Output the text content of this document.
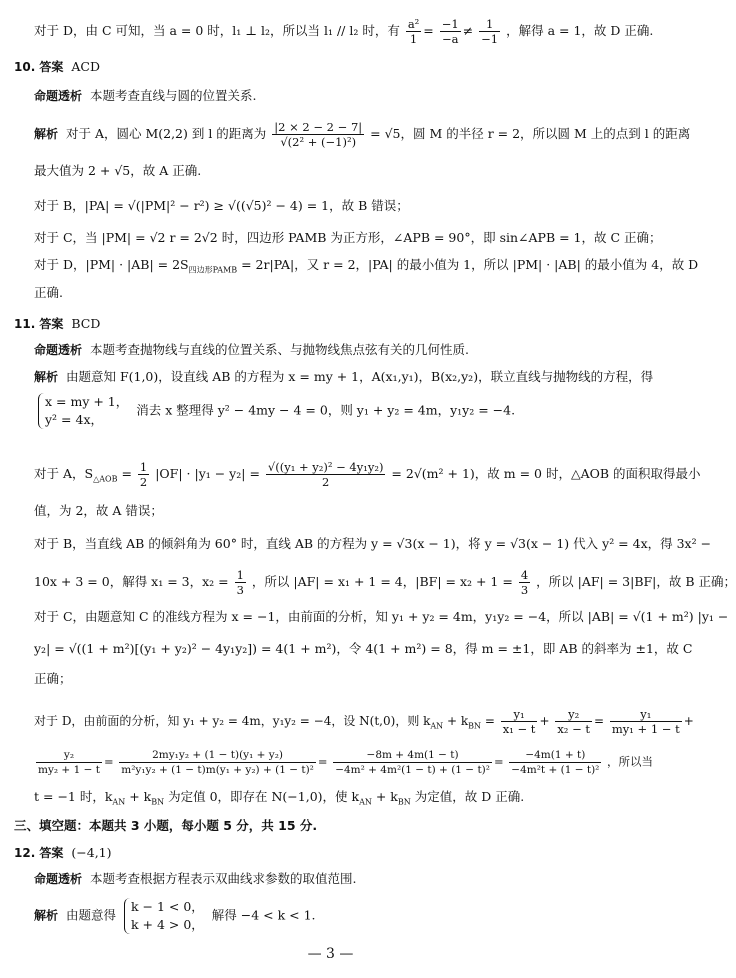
对于 D，由 C 可知，当 a = 0 时，l₁ ⊥ l₂，所以当 l₁ // l₂ 时，有 $\frac{\text{a²}}{1} = \frac{-1}{-a} \ne \frac{1}{-1}$ ，解得 a = 1，故 D 正确.
10. 答案 ACD
命题透析 本题考查直线与圆的位置关系.
解析 对于 A，圆心 M(2,2) 到 l 的距离为 $\frac{|2 \times 2 - 2 - 7|}{\text{√(2² + (−1)²)}} = √5$，圆 M 的半径 r = 2，所以圆 M 上的点到 l 的距离
最大值为 2 + √5，故 A 正确.
对于 B，|PA| = √(|PM|² − r²) ≥ √((√5)² − 4) = 1，故 B 错误；
对于 C，当 |PM| = √2 r = 2√2 时，四边形 PAMB 为正方形，∠APB = 90°，即 sin∠APB = 1，故 C 正确；
对于 D，$|PM| \cdot |AB| = 2S_{四边形PAMB} = 2r|PA|$，又 r = 2，|PA| 的最小值为 1，所以 |PM| · |AB| 的最小值为 4，故 D
正确.
11. 答案 BCD
命题透析 本题考查抛物线与直线的位置关系、与抛物线焦点弦有关的几何性质.
解析 由题意知 F(1,0)，设直线 AB 的方程为 x = my + 1，A(x₁,y₁)，B(x₂,y₂)，联立直线与抛物线的方程，得
x = my + 1，
y² = 4x，
消去 x 整理得 y² − 4my − 4 = 0，则 y₁ + y₂ = 4m，y₁y₂ = −4.
对于 A，$S_{\triangle AOB} = \frac{1}{2} |OF| \cdot |y_1 - y_2| = \frac{\text{√((y₁ + y₂)² − 4y₁y₂)}}{2} = 2√(m^2 + 1)$，故 m = 0 时，△AOB 的面积取得最小
值，为 2，故 A 错误；
对于 B，当直线 AB 的倾斜角为 60° 时，直线 AB 的方程为 y = √3(x − 1)，将 y = √3(x − 1) 代入 y² = 4x，得 3x² −
10x + 3 = 0，解得 x₁ = 3，$x_2 = \frac{1}{3}$ ，所以 |AF| = x₁ + 1 = 4，$|BF| = x_2 + 1 = \frac{4}{3}$ ，所以 |AF| = 3|BF|，故 B 正确；
对于 C，由题意知 C 的准线方程为 x = −1，由前面的分析，知 y₁ + y₂ = 4m，y₁y₂ = −4，所以 |AB| = √(1 + m²) |y₁ −
y₂| = √((1 + m²)[(y₁ + y₂)² − 4y₁y₂]) = 4(1 + m²)，令 4(1 + m²) = 8，得 m = ±1，即 AB 的斜率为 ±1，故 C
正确；
对于 D，由前面的分析，知 y₁ + y₂ = 4m，y₁y₂ = −4，设 N(t,0)，则 $k_{AN} + k_{BN} = \frac{\text{y₁}}{\text{x₁ − t}} + \frac{\text{y₂}}{\text{x₂ − t}} = \frac{\text{y₁}}{\text{my₁ + 1 − t}}$ +
$\frac{\text{y₂}}{\text{my₂ + 1 − t}} = \frac{\text{2my₁y₂ + (1 − t)(y₁ + y₂)}}{\text{m²y₁y₂ + (1 − t)m(y₁ + y₂) + (1 − t)²}} = \frac{-8m + 4m(1 - t)}{\text{−4m² + 4m²(1 − t) + (1 − t)²}} = \frac{-4m(1 + t)}{\text{−4m²t + (1 − t)²}}$ ，所以当
t = −1 时，$k_{AN} + k_{BN}$ 为定值 0，即存在 N(−1,0)，使 $k_{AN} + k_{BN}$ 为定值，故 D 正确.
三、填空题：本题共 3 小题，每小题 5 分，共 15 分.
12. 答案 (−4,1)
命题透析 本题考查根据方程表示双曲线求参数的取值范围.
解析 由题意得
k − 1 < 0，
k + 4 > 0，
解得 −4 < k < 1.
— 3 —
